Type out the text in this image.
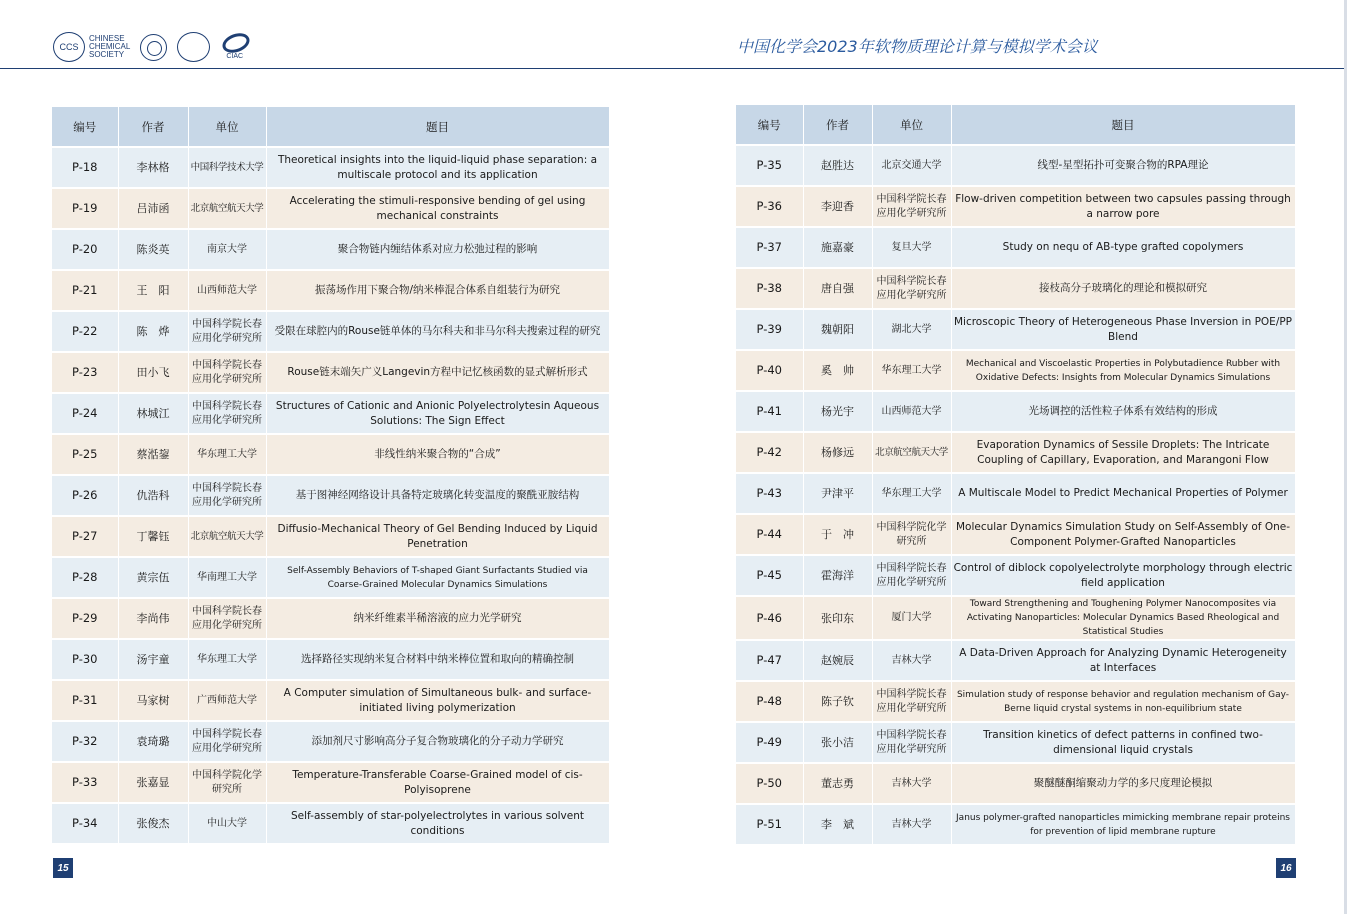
CCS
CHINESE
CHEMICAL
SOCIETY	CIAC
中国化学会2023年软物质理论计算与模拟学术会议
编号	作者	单位	题目
P-18	李林格	中国科学技术大学	Theoretical insights into the liquid-liquid phase separation: a multiscale protocol and its application
P-19	吕沛函	北京航空航天大学	Accelerating the stimuli-responsive bending of gel using mechanical constraints
P-20	陈炎英	南京大学	聚合物链内缠结体系对应力松弛过程的影响
P-21	王　阳	山西师范大学	振荡场作用下聚合物/纳米棒混合体系自组装行为研究
P-22	陈　烨	中国科学院长春应用化学研究所	受限在球腔内的Rouse链单体的马尔科夫和非马尔科夫搜索过程的研究
P-23	田小飞	中国科学院长春应用化学研究所	Rouse链末端矢广义Langevin方程中记忆核函数的显式解析形式
P-24	林城江	中国科学院长春应用化学研究所	Structures of Cationic and Anionic Polyelectrolytesin Aqueous Solutions: The Sign Effect
P-25	蔡湉鋆	华东理工大学	非线性纳米聚合物的“合成”
P-26	仇浩科	中国科学院长春应用化学研究所	基于图神经网络设计具备特定玻璃化转变温度的聚酰亚胺结构
P-27	丁馨钰	北京航空航天大学	Diffusio-Mechanical Theory of Gel Bending Induced by Liquid Penetration
P-28	黄宗伍	华南理工大学	Self-Assembly Behaviors of T-shaped Giant Surfactants Studied via Coarse-Grained Molecular Dynamics Simulations
P-29	李尚伟	中国科学院长春应用化学研究所	纳米纤维素半稀溶液的应力光学研究
P-30	汤宇童	华东理工大学	选择路径实现纳米复合材料中纳米棒位置和取向的精确控制
P-31	马家树	广西师范大学	A Computer simulation of Simultaneous bulk- and surface-initiated living polymerization
P-32	袁琦璐	中国科学院长春应用化学研究所	添加剂尺寸影响高分子复合物玻璃化的分子动力学研究
P-33	张嘉显	中国科学院化学研究所	Temperature-Transferable Coarse-Grained model of cis-Polyisoprene
P-34	张俊杰	中山大学	Self-assembly of star-polyelectrolytes in various solvent conditions
编号	作者	单位	题目
P-35	赵胜达	北京交通大学	线型-星型拓扑可变聚合物的RPA理论
P-36	李迎香	中国科学院长春应用化学研究所	Flow-driven competition between two capsules passing through a narrow pore
P-37	施嘉豪	复旦大学	Study on nequ of AB-type grafted copolymers
P-38	唐自强	中国科学院长春应用化学研究所	接枝高分子玻璃化的理论和模拟研究
P-39	魏朝阳	湖北大学	Microscopic Theory of Heterogeneous Phase Inversion in POE/PP Blend
P-40	奚　帅	华东理工大学	Mechanical and Viscoelastic Properties in Polybutadience Rubber with Oxidative Defects: Insights from Molecular Dynamics Simulations
P-41	杨光宇	山西师范大学	光场调控的活性粒子体系有效结构的形成
P-42	杨修远	北京航空航天大学	Evaporation Dynamics of Sessile Droplets: The Intricate Coupling of Capillary, Evaporation, and Marangoni Flow
P-43	尹津平	华东理工大学	A Multiscale Model to Predict Mechanical Properties of Polymer
P-44	于　冲	中国科学院化学研究所	Molecular Dynamics Simulation Study on Self-Assembly of One-Component Polymer-Grafted Nanoparticles
P-45	霍海洋	中国科学院长春应用化学研究所	Control of diblock copolyelectrolyte morphology through electric field application
P-46	张印东	厦门大学	Toward Strengthening and Toughening Polymer Nanocomposites via Activating Nanoparticles: Molecular Dynamics Based Rheological and Statistical Studies
P-47	赵婉辰	吉林大学	A Data-Driven Approach for Analyzing Dynamic Heterogeneity at Interfaces
P-48	陈子钦	中国科学院长春应用化学研究所	Simulation study of response behavior and regulation mechanism of Gay-Berne liquid crystal systems in non-equilibrium state
P-49	张小洁	中国科学院长春应用化学研究所	Transition kinetics of defect patterns in confined two-dimensional liquid crystals
P-50	董志勇	吉林大学	聚醚醚酮缩聚动力学的多尺度理论模拟
P-51	李　斌	吉林大学	Janus polymer-grafted nanoparticles mimicking membrane repair proteins for prevention of lipid membrane rupture
15	16
